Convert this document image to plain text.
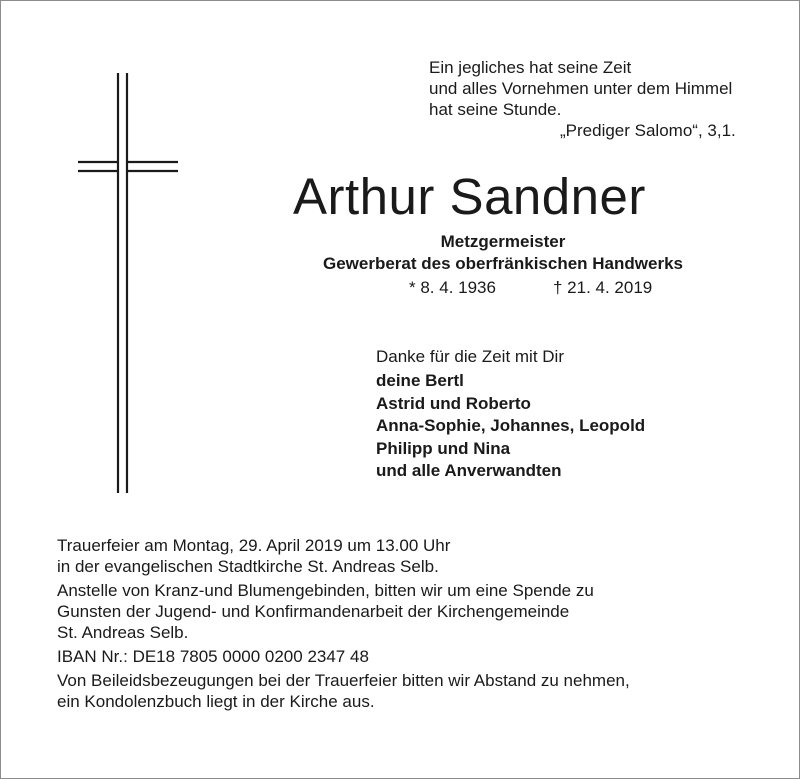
Ein jegliches hat seine Zeit
und alles Vornehmen unter dem Himmel
hat seine Stunde.
„Prediger Salomo“, 3,1.
Arthur Sandner
Metzgermeister
Gewerberat des oberfränkischen Handwerks
* 8. 4. 1936	† 21. 4. 2019
Danke für die Zeit mit Dir
deine Bertl
Astrid und Roberto
Anna-Sophie, Johannes, Leopold
Philipp und Nina
und alle Anverwandten
Trauerfeier am Montag, 29. April 2019 um 13.00 Uhr
in der evangelischen Stadtkirche St. Andreas Selb.
Anstelle von Kranz-und Blumengebinden, bitten wir um eine Spende zu
Gunsten der Jugend- und Konfirmandenarbeit der Kirchengemeinde
St. Andreas Selb.
IBAN Nr.: DE18 7805 0000 0200 2347 48
Von Beileidsbezeugungen bei der Trauerfeier bitten wir Abstand zu nehmen,
ein Kondolenzbuch liegt in der Kirche aus.
